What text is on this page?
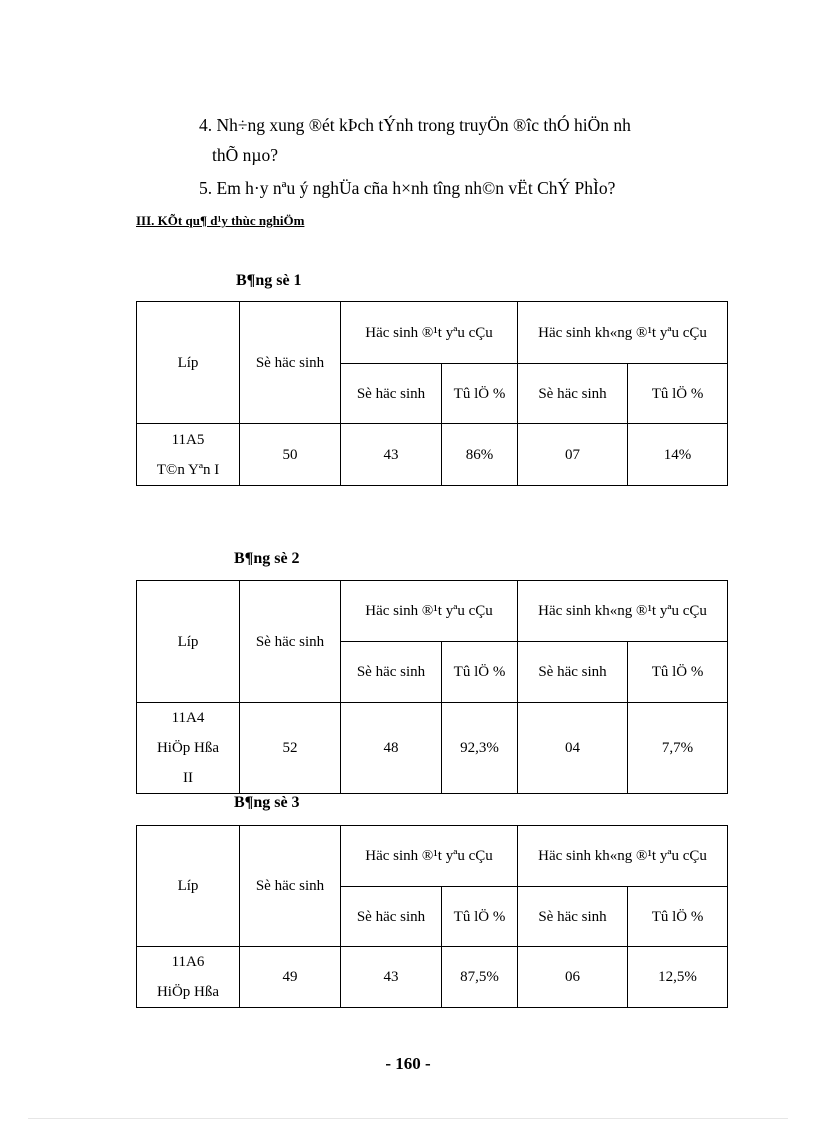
4. Nh÷ng xung ®ét kÞch tÝnh trong truyÖn ®îc thÓ hiÖn nh
thÕ nµo?
5. Em h·y nªu ý nghÜa cña h×nh tîng nh©n vËt ChÝ PhÌo?
III. KÕt qu¶ d¹y thùc nghiÖm
B¶ng sè 1
Líp	Sè häc sinh	Häc sinh ®¹t yªu cÇu		Häc sinh kh«ng ®¹t yªu cÇu	
		Sè häc sinh	Tû lÖ %	Sè häc sinh	Tû lÖ %

11A5
T©n Yªn I	50	43	86%	07	14%
B¶ng sè 2
Líp	Sè häc sinh	Häc sinh ®¹t yªu cÇu		Häc sinh kh«ng ®¹t yªu cÇu	
		Sè häc sinh	Tû lÖ %	Sè häc sinh	Tû lÖ %

11A4
HiÖp Hßa
II	52	48	92,3%	04	7,7%
B¶ng sè 3
Líp	Sè häc sinh	Häc sinh ®¹t yªu cÇu		Häc sinh kh«ng ®¹t yªu cÇu	
		Sè häc sinh	Tû lÖ %	Sè häc sinh	Tû lÖ %

11A6
HiÖp Hßa	49	43	87,5%	06	12,5%
- 160 -
